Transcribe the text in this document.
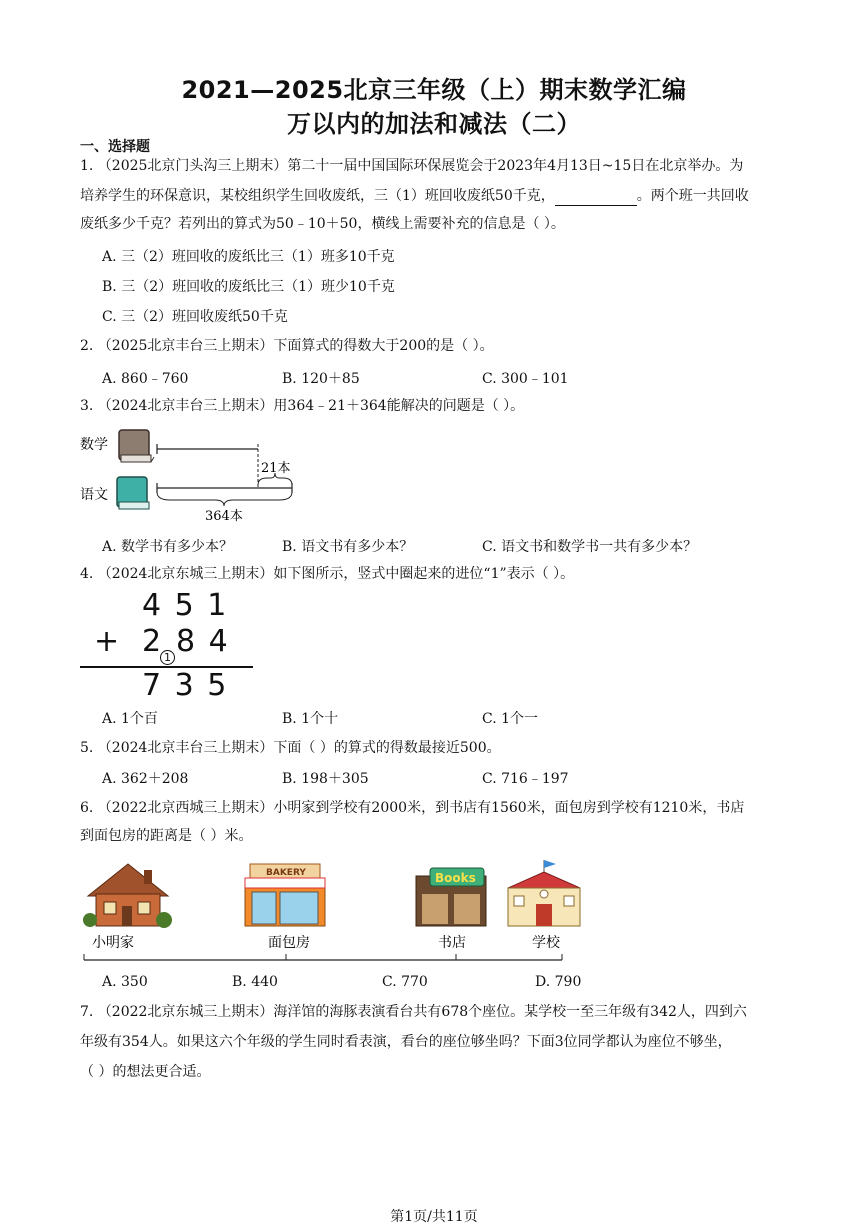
2021—2025北京三年级（上）期末数学汇编
万以内的加法和减法（二）
一、选择题
1. （2025北京门头沟三上期末）第二十一届中国国际环保展览会于2023年4月13日~15日在北京举办。为
培养学生的环保意识，某校组织学生回收废纸，三（1）班回收废纸50千克，	。两个班一共回收
废纸多少千克？若列出的算式为50﹣10＋50，横线上需要补充的信息是（ ）。
A. 三（2）班回收的废纸比三（1）班多10千克
B. 三（2）班回收的废纸比三（1）班少10千克
C. 三（2）班回收废纸50千克
2. （2025北京丰台三上期末）下面算式的得数大于200的是（ ）。
A. 860﹣760	B. 120＋85	C. 300﹣101
3. （2024北京丰台三上期末）用364﹣21＋364能解决的问题是（ ）。
数学
语文
21本
364本
A. 数学书有多少本？	B. 语文书有多少本？	C. 语文书和数学书一共有多少本？
4. （2024北京东城三上期末）如下图所示，竖式中圈起来的进位“1”表示（ ）。
4 5 1
+ 2 1 8 4
7 3 5
A. 1个百	B. 1个十	C. 1个一
5. （2024北京丰台三上期末）下面（ ）的算式的得数最接近500。
A. 362＋208	B. 198＋305	C. 716﹣197
6. （2022北京西城三上期末）小明家到学校有2000米，到书店有1560米，面包房到学校有1210米，书店
到面包房的距离是（ ）米。
BAKERY	Books
小明家	面包房	书店	学校
A. 350	B. 440	C. 770	D. 790
7. （2022北京东城三上期末）海洋馆的海豚表演看台共有678个座位。某学校一至三年级有342人，四到六
年级有354人。如果这六个年级的学生同时看表演，看台的座位够坐吗？下面3位同学都认为座位不够坐，
（ ）的想法更合适。
第1页/共11页
